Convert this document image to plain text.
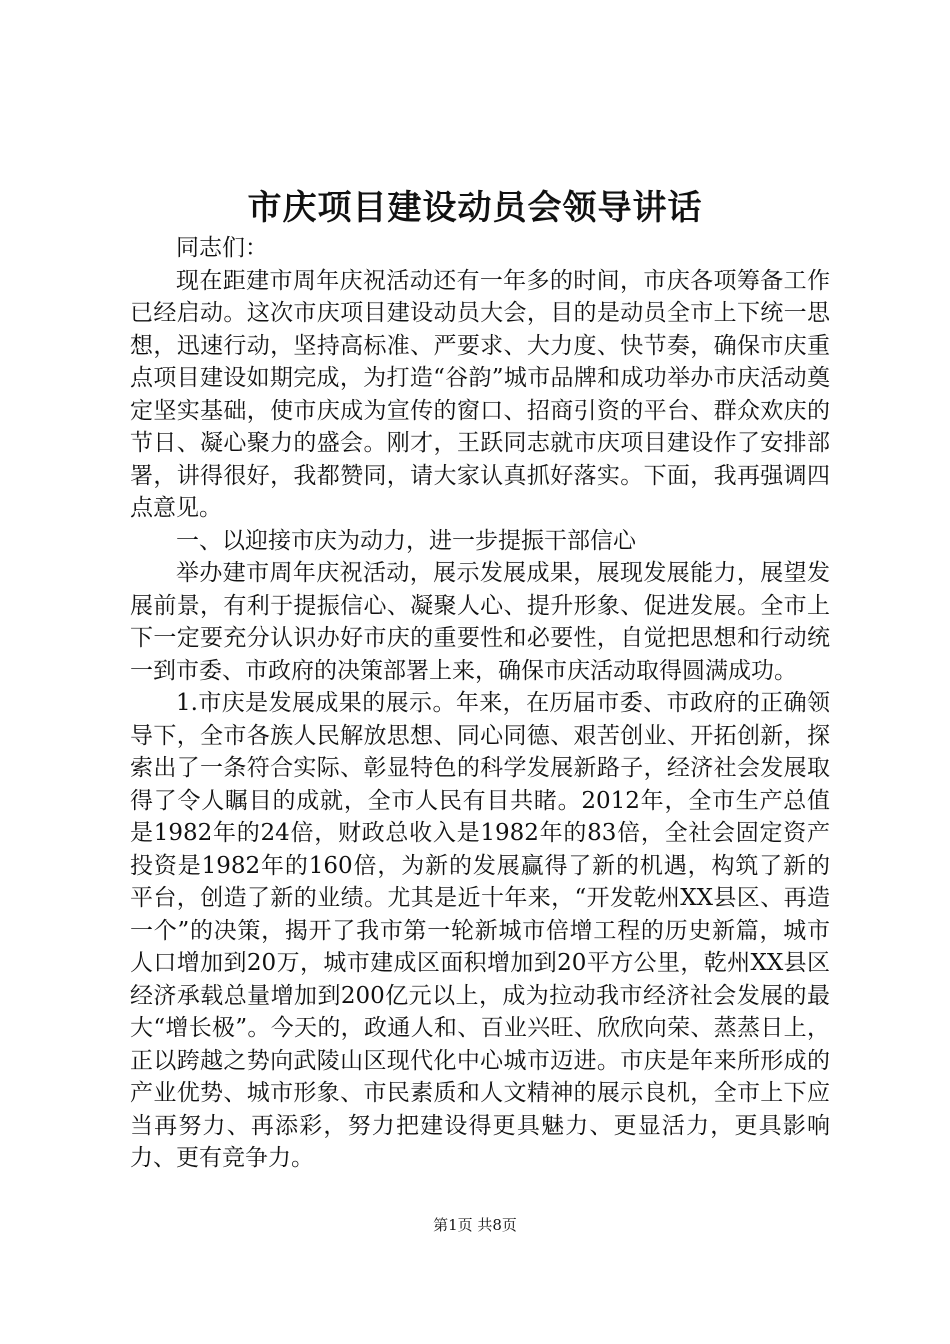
市庆项目建设动员会领导讲话

同志们：

现在距建市周年庆祝活动还有一年多的时间，市庆各项筹备工作已经启动。这次市庆项目建设动员大会，目的是动员全市上下统一思想，迅速行动，坚持高标准、严要求、大力度、快节奏，确保市庆重点项目建设如期完成，为打造“谷韵”城市品牌和成功举办市庆活动奠定坚实基础，使市庆成为宣传的窗口、招商引资的平台、群众欢庆的节日、凝心聚力的盛会。刚才，王跃同志就市庆项目建设作了安排部署，讲得很好，我都赞同，请大家认真抓好落实。下面，我再强调四点意见。

一、以迎接市庆为动力，进一步提振干部信心

举办建市周年庆祝活动，展示发展成果，展现发展能力，展望发展前景，有利于提振信心、凝聚人心、提升形象、促进发展。全市上下一定要充分认识办好市庆的重要性和必要性，自觉把思想和行动统一到市委、市政府的决策部署上来，确保市庆活动取得圆满成功。

1.市庆是发展成果的展示。年来，在历届市委、市政府的正确领导下，全市各族人民解放思想、同心同德、艰苦创业、开拓创新，探索出了一条符合实际、彰显特色的科学发展新路子，经济社会发展取得了令人瞩目的成就，全市人民有目共睹。2012年，全市生产总值是1982年的24倍，财政总收入是1982年的83倍，全社会固定资产投资是1982年的160倍，为新的发展赢得了新的机遇，构筑了新的平台，创造了新的业绩。尤其是近十年来，“开发乾州XX县区、再造一个”的决策，揭开了我市第一轮新城市倍增工程的历史新篇，城市人口增加到20万，城市建成区面积增加到20平方公里，乾州XX县区经济承载总量增加到200亿元以上，成为拉动我市经济社会发展的最大“增长极”。今天的，政通人和、百业兴旺、欣欣向荣、蒸蒸日上，正以跨越之势向武陵山区现代化中心城市迈进。市庆是年来所形成的产业优势、城市形象、市民素质和人文精神的展示良机，全市上下应当再努力、再添彩，努力把建设得更具魅力、更显活力，更具影响力、更有竞争力。

第1页 共8页
